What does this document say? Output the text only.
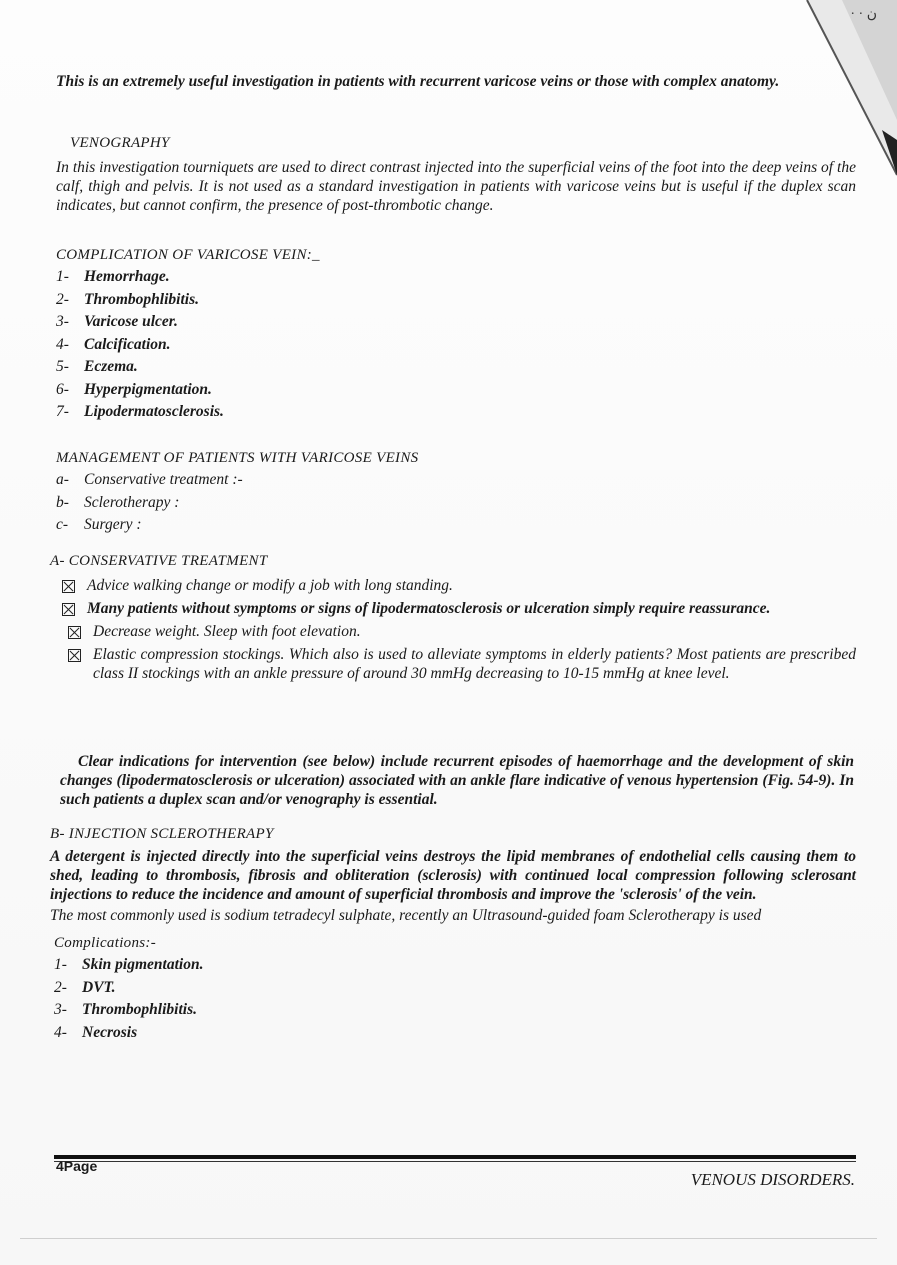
· · ن

This is an extremely useful investigation in patients with recurrent varicose veins or those with complex anatomy.

VENOGRAPHY

In this investigation tourniquets are used to direct contrast injected into the superficial veins of the foot into the deep veins of the calf, thigh and pelvis. It is not used as a standard investigation in patients with varicose veins but is useful if the duplex scan indicates, but cannot confirm, the presence of post-thrombotic change.

COMPLICATION OF VARICOSE VEIN:_

1- Hemorrhage.
2- Thrombophlibitis.
3- Varicose ulcer.
4- Calcification.
5- Eczema.
6- Hyperpigmentation.
7- Lipodermatosclerosis.

MANAGEMENT OF PATIENTS WITH VARICOSE VEINS

a- Conservative treatment :-
b- Sclerotherapy :
c-	Surgery :

A- CONSERVATIVE TREATMENT

Advice walking change or modify a job with long standing.
Many patients without symptoms or signs of lipodermatosclerosis or ulceration simply require reassurance.
Decrease weight. Sleep with foot elevation.
Elastic compression stockings. Which also is used to alleviate symptoms in elderly patients? Most patients are prescribed class II stockings with an ankle pressure of around 30 mmHg decreasing to 10-15 mmHg at knee level.

Clear indications for intervention (see below) include recurrent episodes of haemorrhage and the development of skin changes (lipodermatosclerosis or ulceration) associated with an ankle flare indicative of venous hypertension (Fig. 54-9). In such patients a duplex scan and/or venography is essential.

B- INJECTION SCLEROTHERAPY

A detergent is injected directly into the superficial veins destroys the lipid membranes of endothelial cells causing them to shed, leading to thrombosis, fibrosis and obliteration (sclerosis) with continued local compression following sclerosant injections to reduce the incidence and amount of superficial thrombosis and improve the 'sclerosis' of the vein.

The most commonly used is sodium tetradecyl sulphate, recently an Ultrasound-guided foam Sclerotherapy is used

Complications:-

1- Skin pigmentation.
2- DVT.
3- Thrombophlibitis.
4- Necrosis
4Page
VENOUS DISORDERS.
